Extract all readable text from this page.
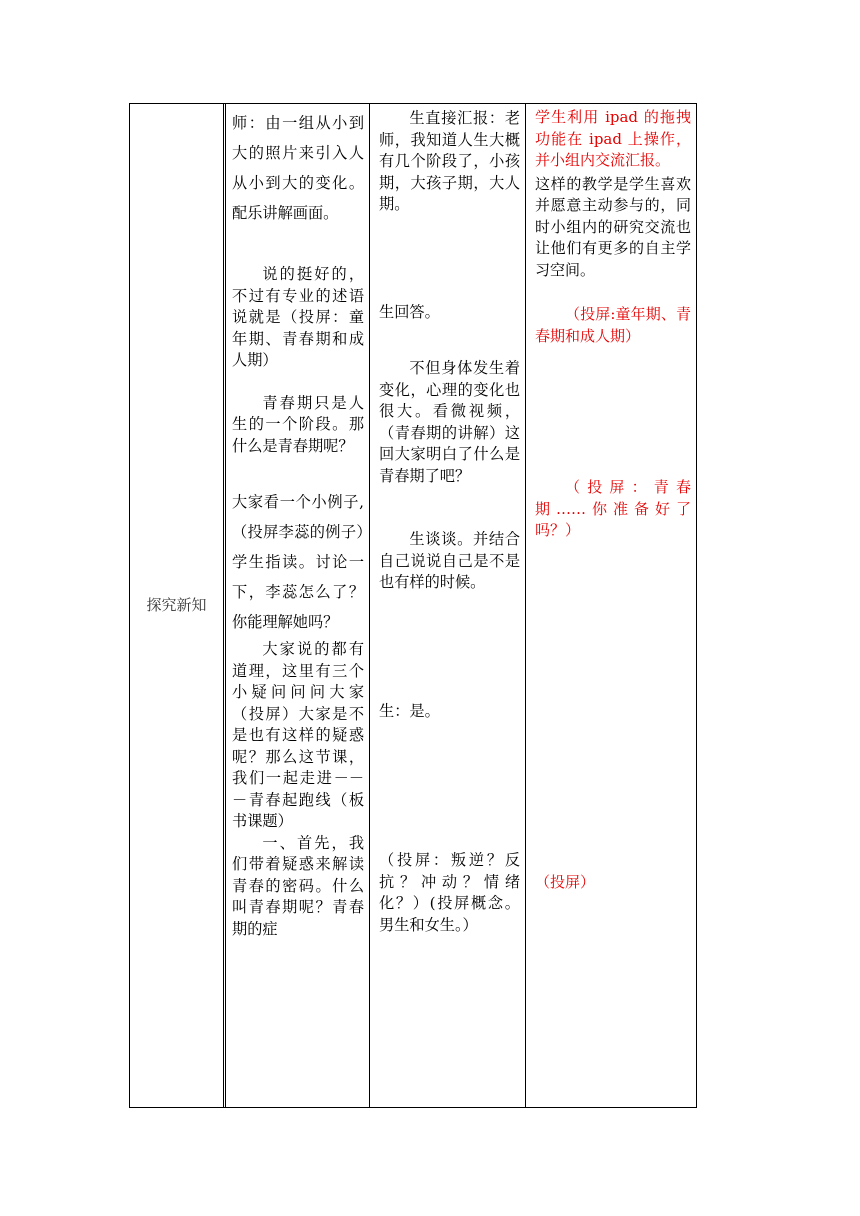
探究新知

师：由一组从小到大的照片来引入人从小到大的变化。配乐讲解画面。

说的挺好的，不过有专业的述语说就是（投屏：童年期、青春期和成人期）

青春期只是人生的一个阶段。那什么是青春期呢？

大家看一个小例子,（投屏李蕊的例子）学生指读。讨论一下，李蕊怎么了？你能理解她吗？

大家说的都有道理，这里有三个小疑问问问大家（投屏）大家是不是也有这样的疑惑呢？那么这节课，我们一起走进－－－青春起跑线（板书课题）

一、首先，我们带着疑惑来解读青春的密码。什么叫青春期呢？青春期的症

生直接汇报：老师，我知道人生大概有几个阶段了，小孩期，大孩子期，大人期。

生回答。

不但身体发生着变化，心理的变化也很大。看微视频，（青春期的讲解）这回大家明白了什么是青春期了吧？

生谈谈。并结合自己说说自己是不是也有样的时候。

生：是。

（投屏：叛逆？反抗？冲动？情绪化？）(投屏概念。男生和女生。）

学生利用 ipad 的拖拽功能在 ipad 上操作，并小组内交流汇报。

这样的教学是学生喜欢并愿意主动参与的，同时小组内的研究交流也让他们有更多的自主学习空间。

（投屏:童年期、青春期和成人期）

（投屏：青春期……你准备好了吗？）

（投屏）
